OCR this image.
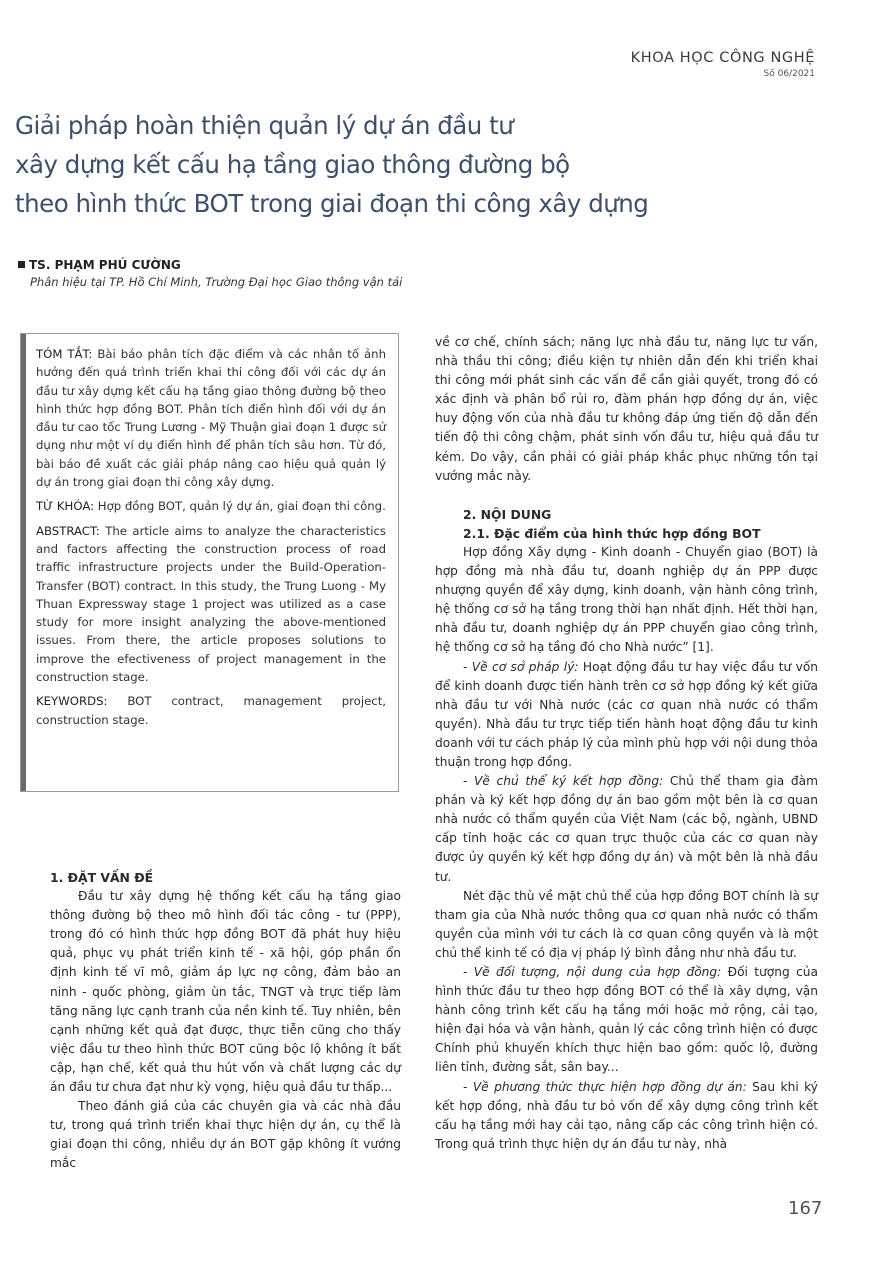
KHOA HỌC CÔNG NGHỆ
Số 06/2021
Giải pháp hoàn thiện quản lý dự án đầu tư
xây dựng kết cấu hạ tầng giao thông đường bộ
theo hình thức BOT trong giai đoạn thi công xây dựng
TS. PHẠM PHÚ CƯỜNG
Phân hiệu tại TP. Hồ Chí Minh, Trường Đại học Giao thông vận tải

TÓM TẮT: Bài báo phân tích đặc điểm và các nhân tố ảnh hưởng đến quá trình triển khai thi công đối với các dự án đầu tư xây dựng kết cấu hạ tầng giao thông đường bộ theo hình thức hợp đồng BOT. Phân tích điển hình đối với dự án đầu tư cao tốc Trung Lương - Mỹ Thuận giai đoạn 1 được sử dụng như một ví dụ điển hình để phân tích sâu hơn. Từ đó, bài báo đề xuất các giải pháp nâng cao hiệu quả quản lý dự án trong giai đoạn thi công xây dựng.

TỪ KHÓA: Hợp đồng BOT, quản lý dự án, giai đoạn thi công.

ABSTRACT: The article aims to analyze the characteristics and factors affecting the construction process of road traffic infrastructure projects under the Build-Operation-Transfer (BOT) contract. In this study, the Trung Luong - My Thuan Expressway stage 1 project was utilized as a case study for more insight analyzing the above-mentioned issues. From there, the article proposes solutions to improve the efectiveness of project management in the construction stage.

KEYWORDS: BOT contract, management project, construction stage.

1. ĐẶT VẤN ĐỀ

Đầu tư xây dựng hệ thống kết cấu hạ tầng giao thông đường bộ theo mô hình đối tác công - tư (PPP), trong đó có hình thức hợp đồng BOT đã phát huy hiệu quả, phục vụ phát triển kinh tế - xã hội, góp phần ổn định kinh tế vĩ mô, giảm áp lực nợ công, đảm bảo an ninh - quốc phòng, giảm ùn tắc, TNGT và trực tiếp làm tăng năng lực cạnh tranh của nền kinh tế. Tuy nhiên, bên cạnh những kết quả đạt được, thực tiễn cũng cho thấy việc đầu tư theo hình thức BOT cũng bộc lộ không ít bất cập, hạn chế, kết quả thu hút vốn và chất lượng các dự án đầu tư chưa đạt như kỳ vọng, hiệu quả đầu tư thấp...

Theo đánh giá của các chuyên gia và các nhà đầu tư, trong quá trình triển khai thực hiện dự án, cụ thể là giai đoạn thi công, nhiều dự án BOT gặp không ít vướng mắc

về cơ chế, chính sách; năng lực nhà đầu tư, năng lực tư vấn, nhà thầu thi công; điều kiện tự nhiên dẫn đến khi triển khai thi công mới phát sinh các vấn đề cần giải quyết, trong đó có xác định và phân bổ rủi ro, đàm phán hợp đồng dự án, việc huy động vốn của nhà đầu tư không đáp ứng tiến độ dẫn đến tiến độ thi công chậm, phát sinh vốn đầu tư, hiệu quả đầu tư kém. Do vậy, cần phải có giải pháp khắc phục những tồn tại vướng mắc này.

2. NỘI DUNG
2.1. Đặc điểm của hình thức hợp đồng BOT

Hợp đồng Xây dựng - Kinh doanh - Chuyển giao (BOT) là hợp đồng mà nhà đầu tư, doanh nghiệp dự án PPP được nhượng quyền để xây dựng, kinh doanh, vận hành công trình, hệ thống cơ sở hạ tầng trong thời hạn nhất định. Hết thời hạn, nhà đầu tư, doanh nghiệp dự án PPP chuyển giao công trình, hệ thống cơ sở hạ tầng đó cho Nhà nước” [1].

- Về cơ sở pháp lý: Hoạt động đầu tư hay việc đầu tư vốn để kinh doanh được tiến hành trên cơ sở hợp đồng ký kết giữa nhà đầu tư với Nhà nước (các cơ quan nhà nước có thẩm quyền). Nhà đầu tư trực tiếp tiến hành hoạt động đầu tư kinh doanh với tư cách pháp lý của mình phù hợp với nội dung thỏa thuận trong hợp đồng.

- Về chủ thể ký kết hợp đồng: Chủ thể tham gia đàm phán và ký kết hợp đồng dự án bao gồm một bên là cơ quan nhà nước có thẩm quyền của Việt Nam (các bộ, ngành, UBND cấp tỉnh hoặc các cơ quan trực thuộc của các cơ quan này được ủy quyền ký kết hợp đồng dự án) và một bên là nhà đầu tư.

Nét đặc thù về mặt chủ thể của hợp đồng BOT chính là sự tham gia của Nhà nước thông qua cơ quan nhà nước có thẩm quyền của mình với tư cách là cơ quan công quyền và là một chủ thể kinh tế có địa vị pháp lý bình đẳng như nhà đầu tư.

- Về đối tượng, nội dung của hợp đồng: Đối tượng của hình thức đầu tư theo hợp đồng BOT có thể là xây dựng, vận hành công trình kết cấu hạ tầng mới hoặc mở rộng, cải tạo, hiện đại hóa và vận hành, quản lý các công trình hiện có được Chính phủ khuyến khích thực hiện bao gồm: quốc lộ, đường liên tỉnh, đường sắt, sân bay...

- Về phương thức thực hiện hợp đồng dự án: Sau khi ký kết hợp đồng, nhà đầu tư bỏ vốn để xây dựng công trình kết cấu hạ tầng mới hay cải tạo, nâng cấp các công trình hiện có. Trong quá trình thực hiện dự án đầu tư này, nhà

167
